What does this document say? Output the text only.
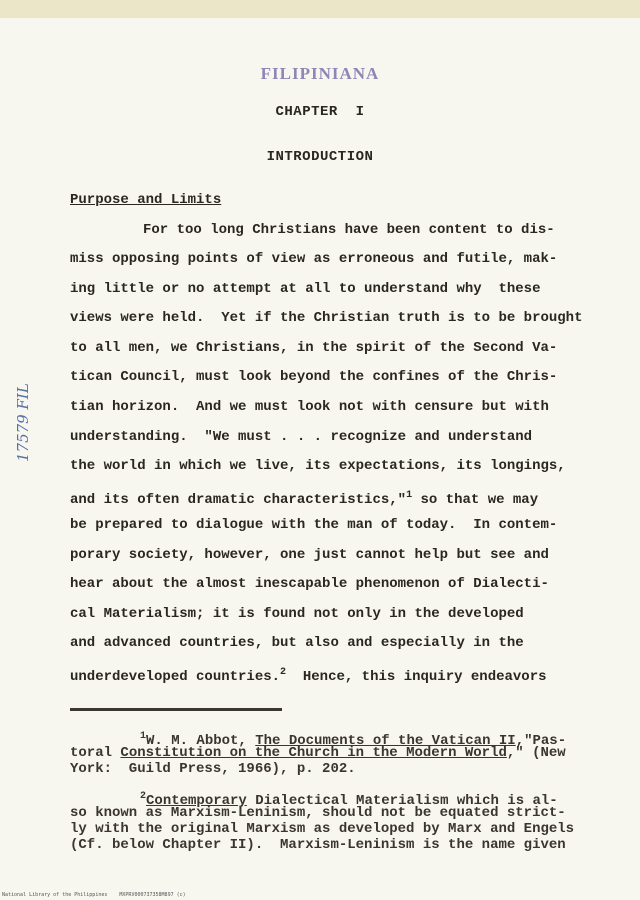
FILIPINIANA
CHAPTER  I
INTRODUCTION
Purpose and Limits
17579 FIL
For too long Christians have been content to dis-
miss opposing points of view as erroneous and futile, mak-
ing little or no attempt at all to understand why  these
views were held.  Yet if the Christian truth is to be brought
to all men, we Christians, in the spirit of the Second Va-
tican Council, must look beyond the confines of the Chris-
tian horizon.  And we must look not with censure but with
understanding.  "We must . . . recognize and understand
the world in which we live, its expectations, its longings,
and its often dramatic characteristics,"$^1$ so that we may
be prepared to dialogue with the man of today.  In contem-
porary society, however, one just cannot help but see and
hear about the almost inescapable phenomenon of Dialecti-
cal Materialism; it is found not only in the developed
and advanced countries, but also and especially in the
underdeveloped countries.$^2$ Hence, this inquiry endeavors
$^1$W. M. Abbot, The Documents of the Vatican II,"Pas-
toral Constitution on the Church in the Modern World," (New
York:  Guild Press, 1966), p. 202.
$^2$Contemporary Dialectical Materialism which is al-
so known as Marxism-Leninism, should not be equated strict-
ly with the original Marxism as developed by Marx and Engels
(Cf. below Chapter II).  Marxism-Leninism is the name given
National Library of the Philippines    MXPRV000737358M897 (c)
